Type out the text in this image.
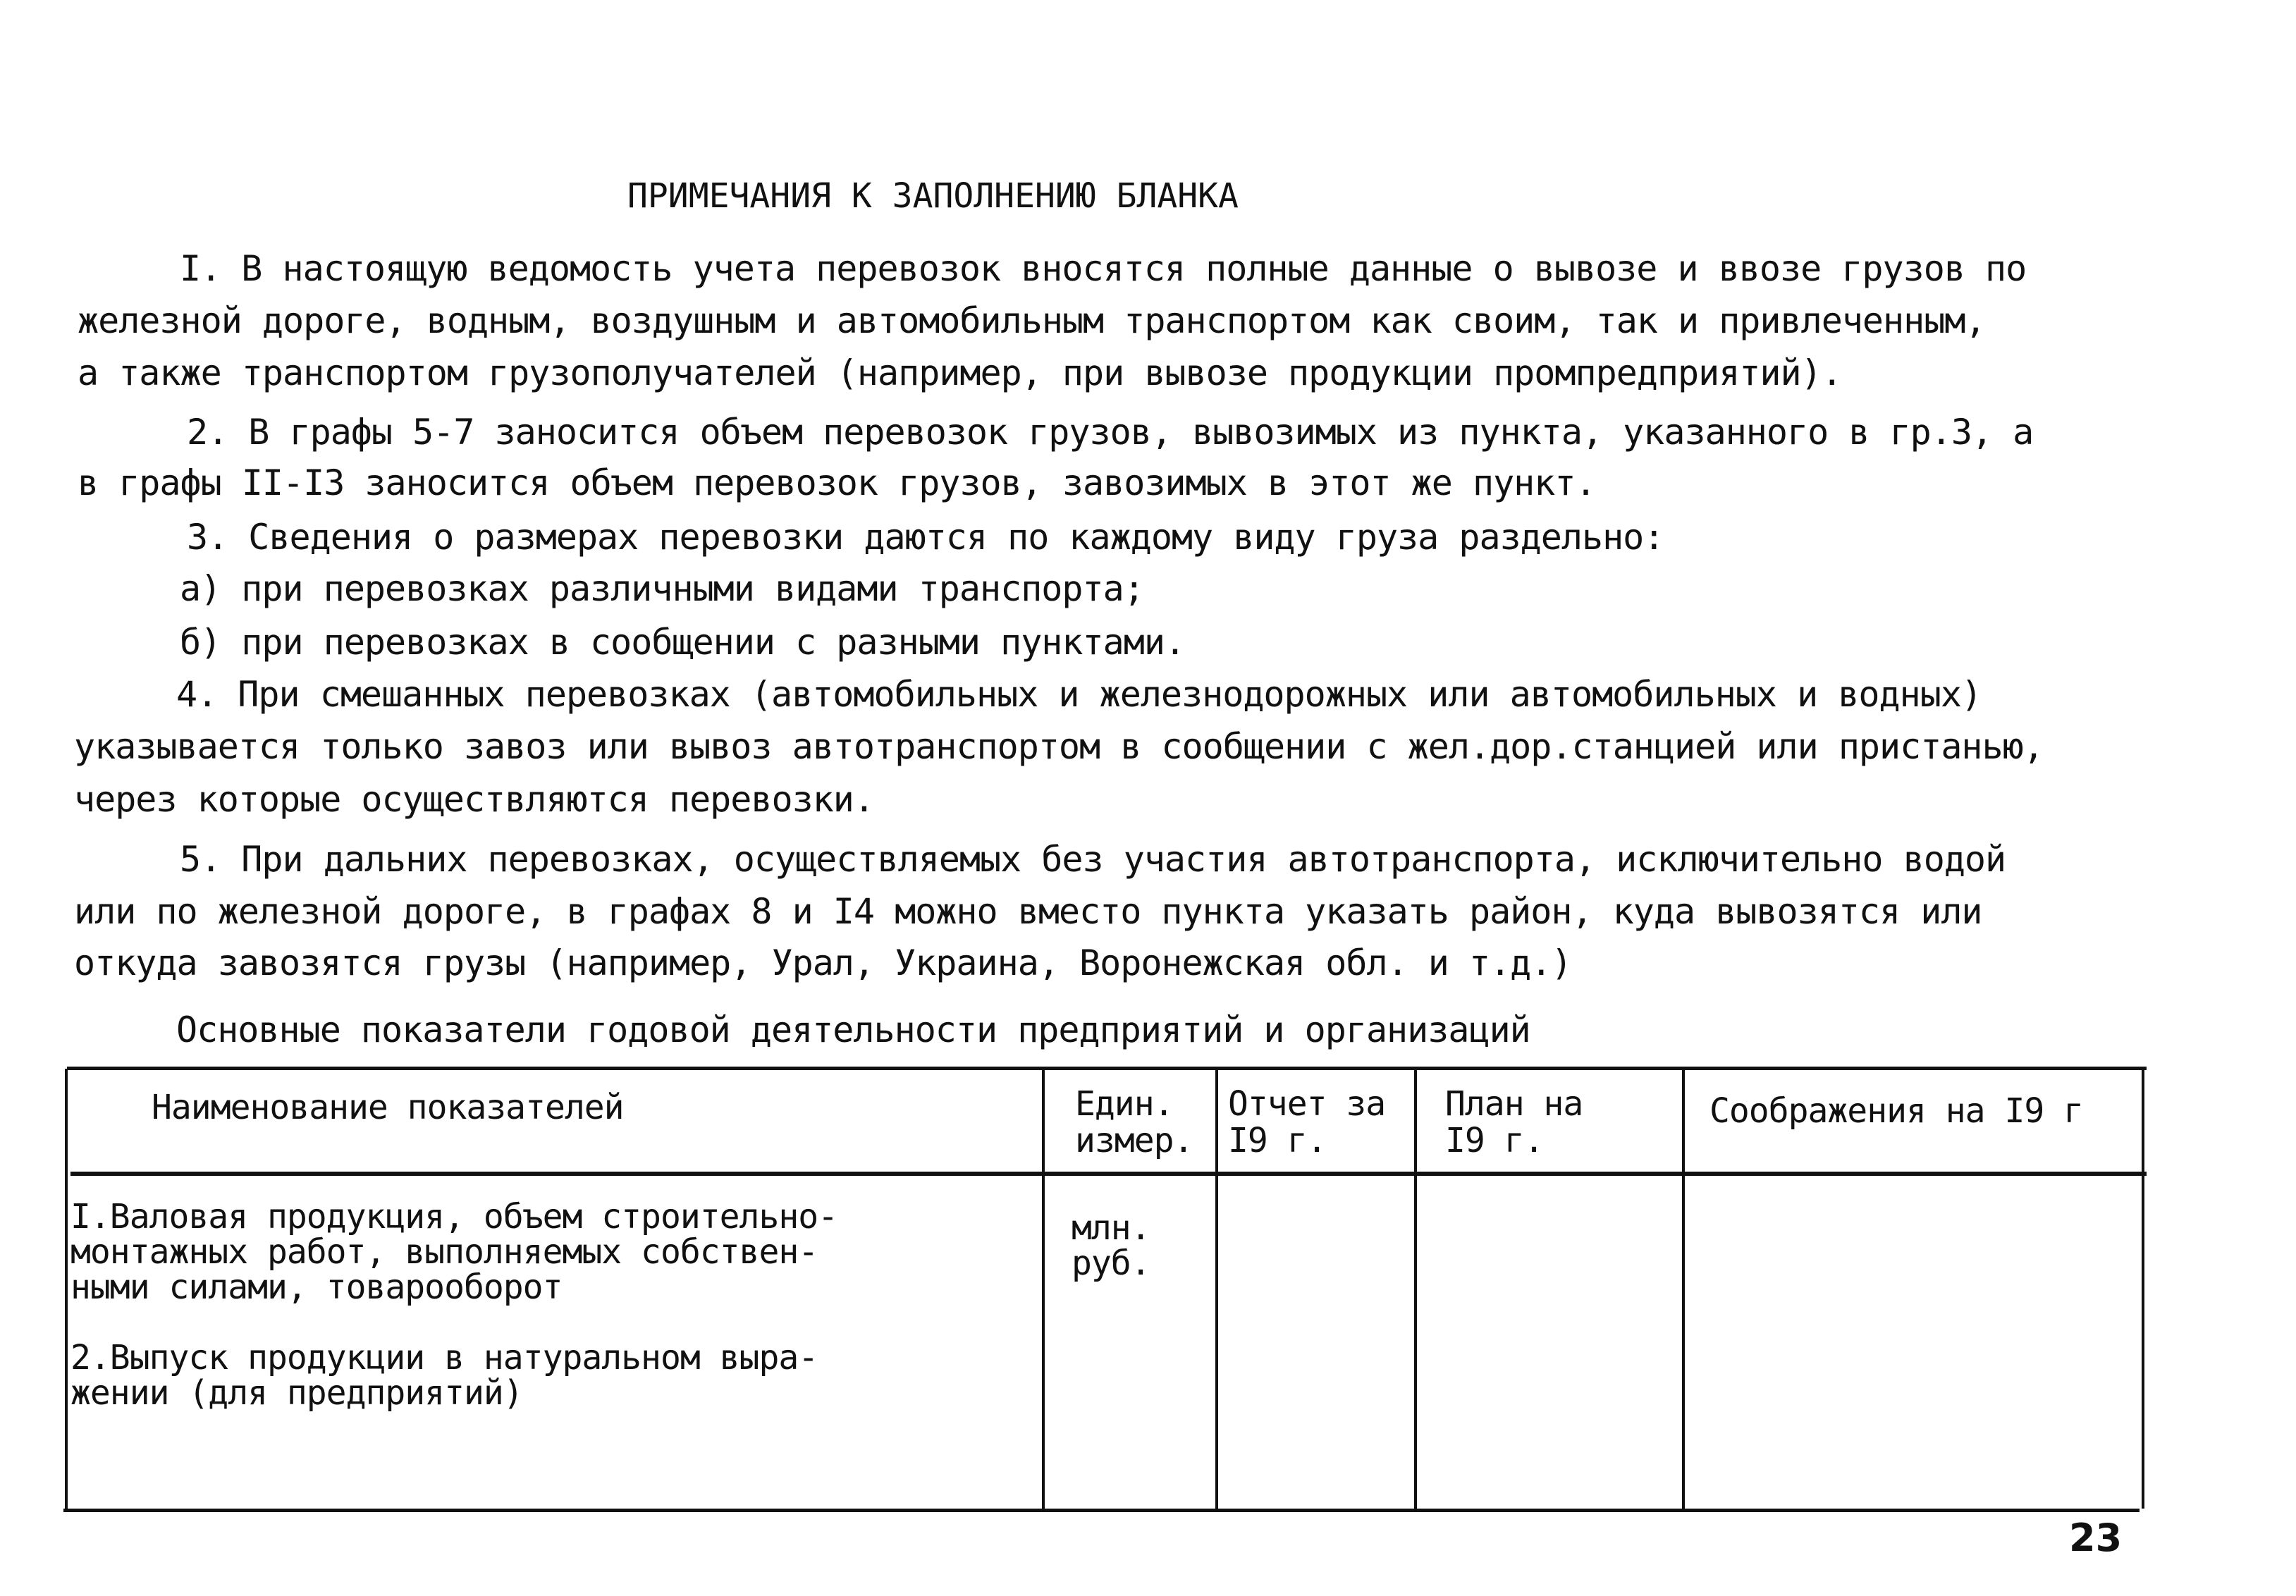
ПРИМЕЧАНИЯ К ЗАПОЛНЕНИЮ БЛАНКА
I. В настоящую ведомость учета перевозок вносятся полные данные о вывозе и ввозе грузов по
железной дороге, водным, воздушным и автомобильным транспортом как своим, так и привлеченным,
а также транспортом грузополучателей (например, при вывозе продукции промпредприятий).
2. В графы 5-7 заносится объем перевозок грузов, вывозимых из пункта, указанного в гр.3, а
в графы II-I3 заносится объем перевозок грузов, завозимых в этот же пункт.
3. Сведения о размерах перевозки даются по каждому виду груза раздельно:
а) при перевозках различными видами транспорта;
б) при перевозках в сообщении с разными пунктами.
4. При смешанных перевозках (автомобильных и железнодорожных или автомобильных и водных)
указывается только завоз или вывоз автотранспортом в сообщении с жел.дор.станцией или пристанью,
через которые осуществляются перевозки.
5. При дальних перевозках, осуществляемых без участия автотранспорта, исключительно водой
или по железной дороге, в графах 8 и I4 можно вместо пункта указать район, куда вывозятся или
откуда завозятся грузы (например, Урал, Украина, Воронежская обл. и т.д.)
Основные показатели годовой деятельности предприятий и организаций
Наименование показателей	Един.
измер.
Отчет за
I9 г.
План на
I9 г.
Соображения на I9 г
I.Валовая продукция, объем строительно-
монтажных работ, выполняемых собствен-
ными силами, товарооборот
млн.
руб.
2.Выпуск продукции в натуральном выра-
жении (для предприятий)
23
